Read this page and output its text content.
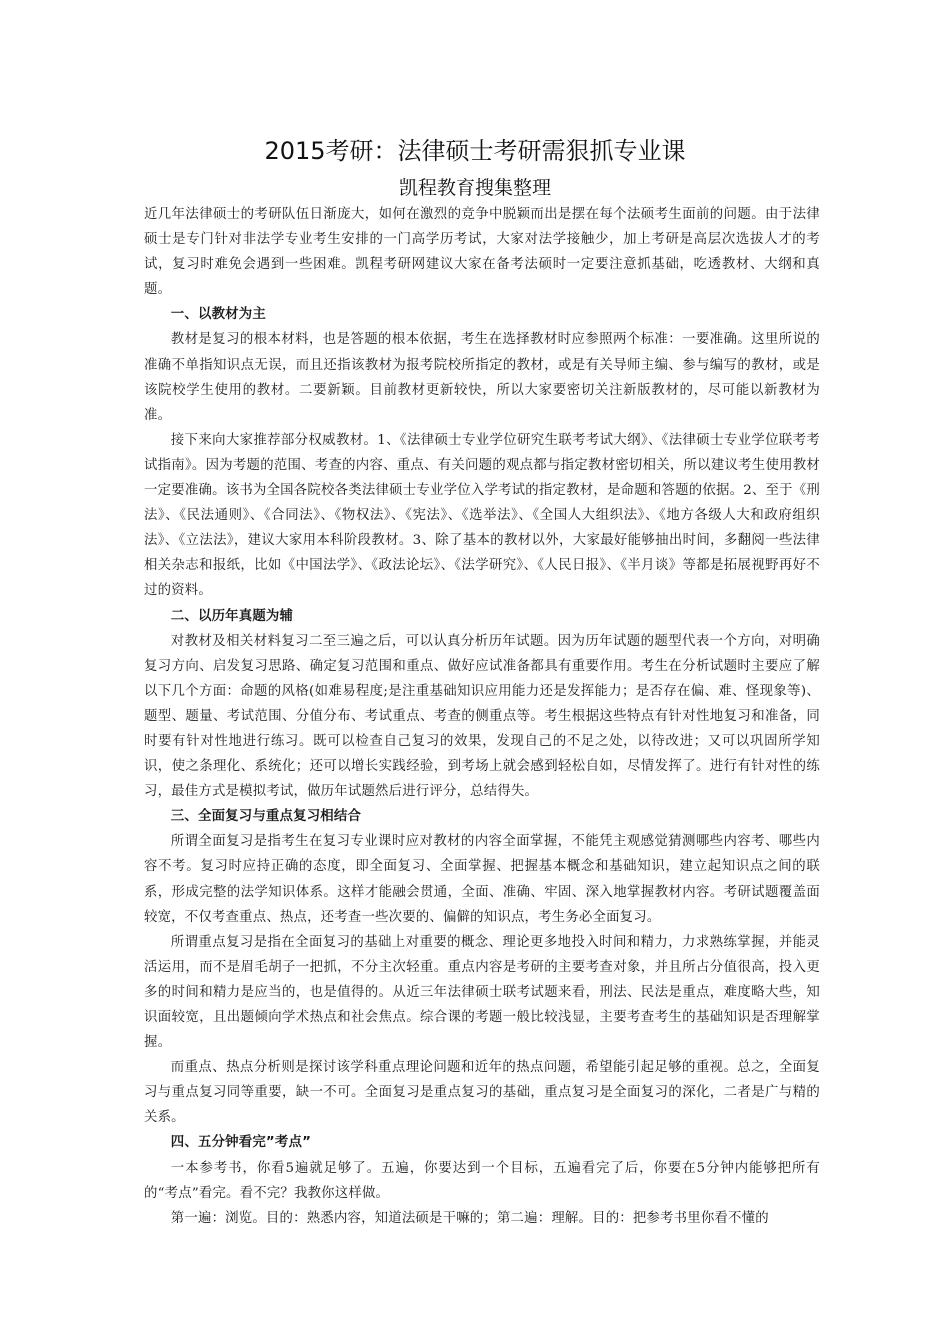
2015考研：法律硕士考研需狠抓专业课
凯程教育搜集整理

近几年法律硕士的考研队伍日渐庞大，如何在激烈的竞争中脱颖而出是摆在每个法硕考生面前的问题。由于法律硕士是专门针对非法学专业考生安排的一门高学历考试，大家对法学接触少，加上考研是高层次选拔人才的考试，复习时难免会遇到一些困难。凯程考研网建议大家在备考法硕时一定要注意抓基础，吃透教材、大纲和真题。

一、以教材为主

教材是复习的根本材料，也是答题的根本依据，考生在选择教材时应参照两个标准：一要准确。这里所说的准确不单指知识点无误，而且还指该教材为报考院校所指定的教材，或是有关导师主编、参与编写的教材，或是该院校学生使用的教材。二要新颖。目前教材更新较快，所以大家要密切关注新版教材的，尽可能以新教材为准。

接下来向大家推荐部分权威教材。1、《法律硕士专业学位研究生联考考试大纲》、《法律硕士专业学位联考考试指南》。因为考题的范围、考查的内容、重点、有关问题的观点都与指定教材密切相关，所以建议考生使用教材一定要准确。该书为全国各院校各类法律硕士专业学位入学考试的指定教材，是命题和答题的依据。2、至于《刑法》、《民法通则》、《合同法》、《物权法》、《宪法》、《选举法》、《全国人大组织法》、《地方各级人大和政府组织法》、《立法法》，建议大家用本科阶段教材。3、除了基本的教材以外，大家最好能够抽出时间，多翻阅一些法律相关杂志和报纸，比如《中国法学》、《政法论坛》、《法学研究》、《人民日报》、《半月谈》等都是拓展视野再好不过的资料。

二、以历年真题为辅

对教材及相关材料复习二至三遍之后，可以认真分析历年试题。因为历年试题的题型代表一个方向，对明确复习方向、启发复习思路、确定复习范围和重点、做好应试准备都具有重要作用。考生在分析试题时主要应了解以下几个方面：命题的风格(如难易程度;是注重基础知识应用能力还是发挥能力；是否存在偏、难、怪现象等)、题型、题量、考试范围、分值分布、考试重点、考查的侧重点等。考生根据这些特点有针对性地复习和准备，同时要有针对性地进行练习。既可以检查自己复习的效果，发现自己的不足之处，以待改进；又可以巩固所学知识，使之条理化、系统化；还可以增长实践经验，到考场上就会感到轻松自如，尽情发挥了。进行有针对性的练习，最佳方式是模拟考试，做历年试题然后进行评分，总结得失。

三、全面复习与重点复习相结合

所谓全面复习是指考生在复习专业课时应对教材的内容全面掌握，不能凭主观感觉猜测哪些内容考、哪些内容不考。复习时应持正确的态度，即全面复习、全面掌握、把握基本概念和基础知识，建立起知识点之间的联系，形成完整的法学知识体系。这样才能融会贯通，全面、准确、牢固、深入地掌握教材内容。考研试题覆盖面较宽，不仅考查重点、热点，还考查一些次要的、偏僻的知识点，考生务必全面复习。

所谓重点复习是指在全面复习的基础上对重要的概念、理论更多地投入时间和精力，力求熟练掌握，并能灵活运用，而不是眉毛胡子一把抓，不分主次轻重。重点内容是考研的主要考查对象，并且所占分值很高，投入更多的时间和精力是应当的，也是值得的。从近三年法律硕士联考试题来看，刑法、民法是重点，难度略大些，知识面较宽，且出题倾向学术热点和社会焦点。综合课的考题一般比较浅显，主要考查考生的基础知识是否理解掌握。

而重点、热点分析则是探讨该学科重点理论问题和近年的热点问题，希望能引起足够的重视。总之，全面复习与重点复习同等重要，缺一不可。全面复习是重点复习的基础，重点复习是全面复习的深化，二者是广与精的关系。

四、五分钟看完”考点”

一本参考书，你看5遍就足够了。五遍，你要达到一个目标，五遍看完了后，你要在5分钟内能够把所有的“考点”看完。看不完？我教你这样做。

第一遍：浏览。目的：熟悉内容，知道法硕是干嘛的；第二遍：理解。目的：把参考书里你看不懂的
